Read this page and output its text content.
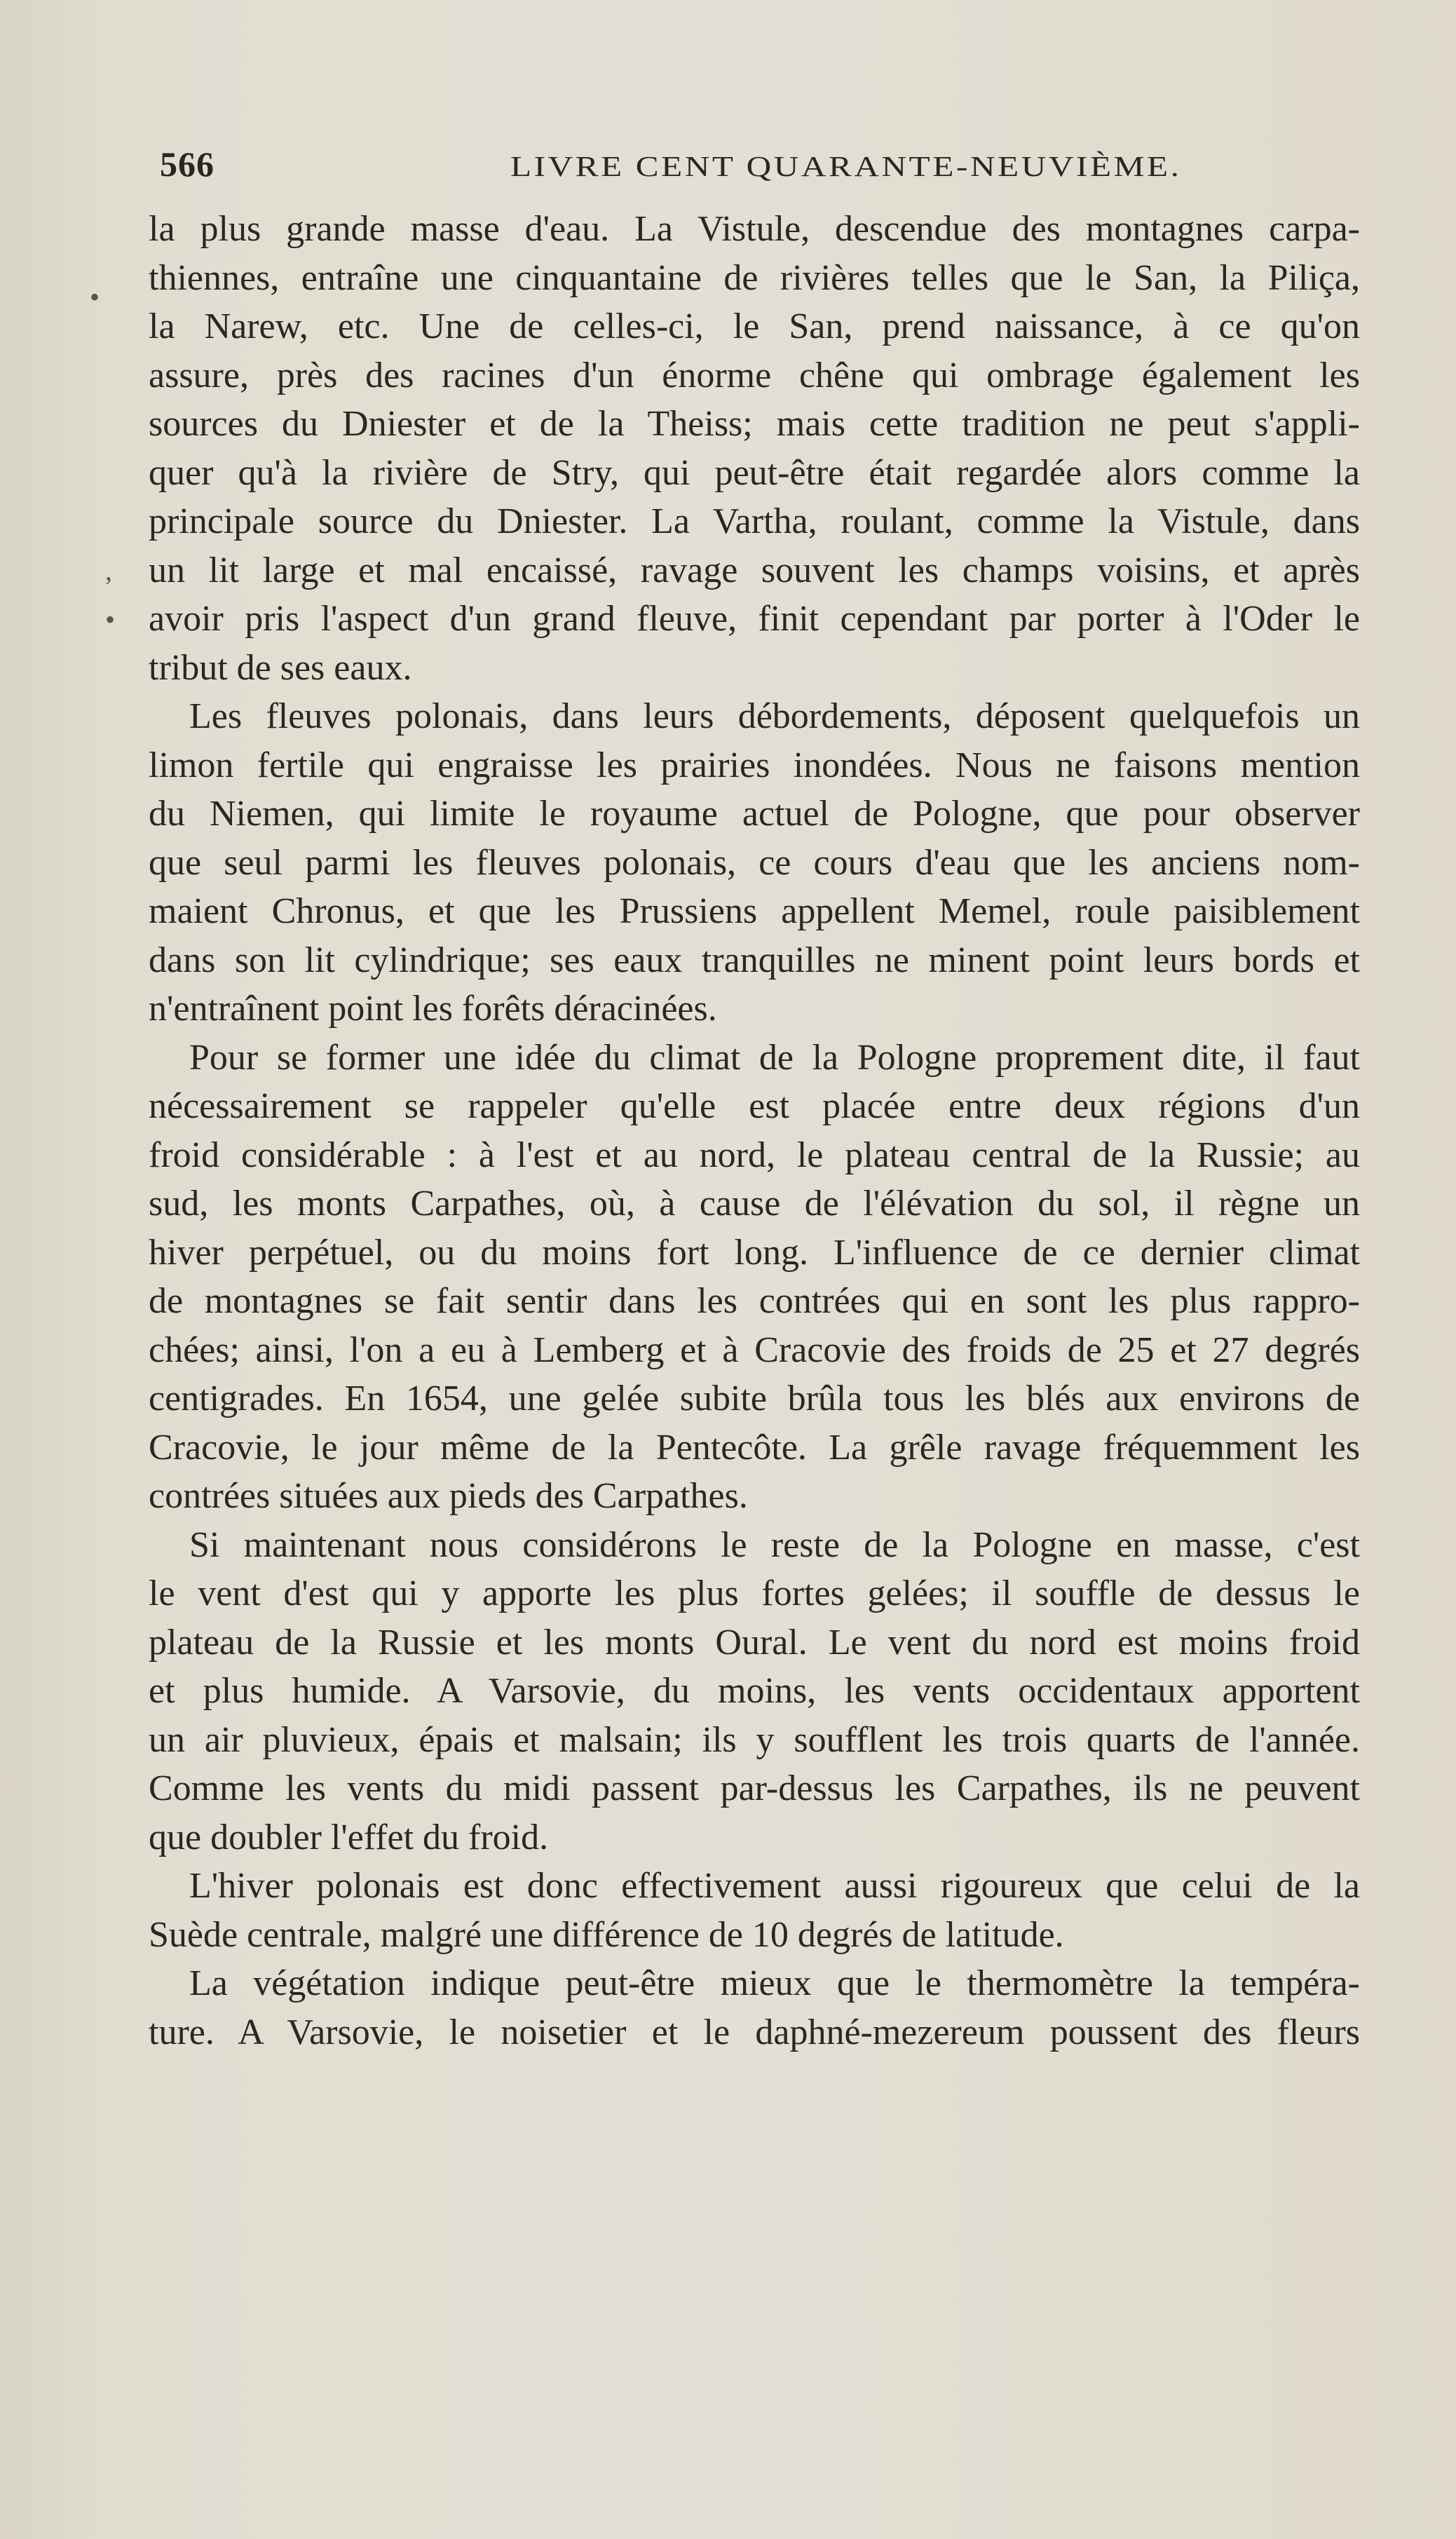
566	LIVRE CENT QUARANTE-NEUVIÈME.
•
,
•
la plus grande masse d'eau. La Vistule, descendue des montagnes carpa-
thiennes, entraîne une cinquantaine de rivières telles que le San, la Piliça,
la Narew, etc. Une de celles-ci, le San, prend naissance, à ce qu'on
assure, près des racines d'un énorme chêne qui ombrage également les
sources du Dniester et de la Theiss; mais cette tradition ne peut s'appli-
quer qu'à la rivière de Stry, qui peut-être était regardée alors comme la
principale source du Dniester. La Vartha, roulant, comme la Vistule, dans
un lit large et mal encaissé, ravage souvent les champs voisins, et après
avoir pris l'aspect d'un grand fleuve, finit cependant par porter à l'Oder le
tribut de ses eaux.
Les fleuves polonais, dans leurs débordements, déposent quelquefois un
limon fertile qui engraisse les prairies inondées. Nous ne faisons mention
du Niemen, qui limite le royaume actuel de Pologne, que pour observer
que seul parmi les fleuves polonais, ce cours d'eau que les anciens nom-
maient Chronus, et que les Prussiens appellent Memel, roule paisiblement
dans son lit cylindrique; ses eaux tranquilles ne minent point leurs bords et
n'entraînent point les forêts déracinées.
Pour se former une idée du climat de la Pologne proprement dite, il faut
nécessairement se rappeler qu'elle est placée entre deux régions d'un
froid considérable : à l'est et au nord, le plateau central de la Russie; au
sud, les monts Carpathes, où, à cause de l'élévation du sol, il règne un
hiver perpétuel, ou du moins fort long. L'influence de ce dernier climat
de montagnes se fait sentir dans les contrées qui en sont les plus rappro-
chées; ainsi, l'on a eu à Lemberg et à Cracovie des froids de 25 et 27 degrés
centigrades. En 1654, une gelée subite brûla tous les blés aux environs de
Cracovie, le jour même de la Pentecôte. La grêle ravage fréquemment les
contrées situées aux pieds des Carpathes.
Si maintenant nous considérons le reste de la Pologne en masse, c'est
le vent d'est qui y apporte les plus fortes gelées; il souffle de dessus le
plateau de la Russie et les monts Oural. Le vent du nord est moins froid
et plus humide. A Varsovie, du moins, les vents occidentaux apportent
un air pluvieux, épais et malsain; ils y soufflent les trois quarts de l'année.
Comme les vents du midi passent par-dessus les Carpathes, ils ne peuvent
que doubler l'effet du froid.
L'hiver polonais est donc effectivement aussi rigoureux que celui de la
Suède centrale, malgré une différence de 10 degrés de latitude.
La végétation indique peut-être mieux que le thermomètre la tempéra-
ture. A Varsovie, le noisetier et le daphné-mezereum poussent des fleurs
